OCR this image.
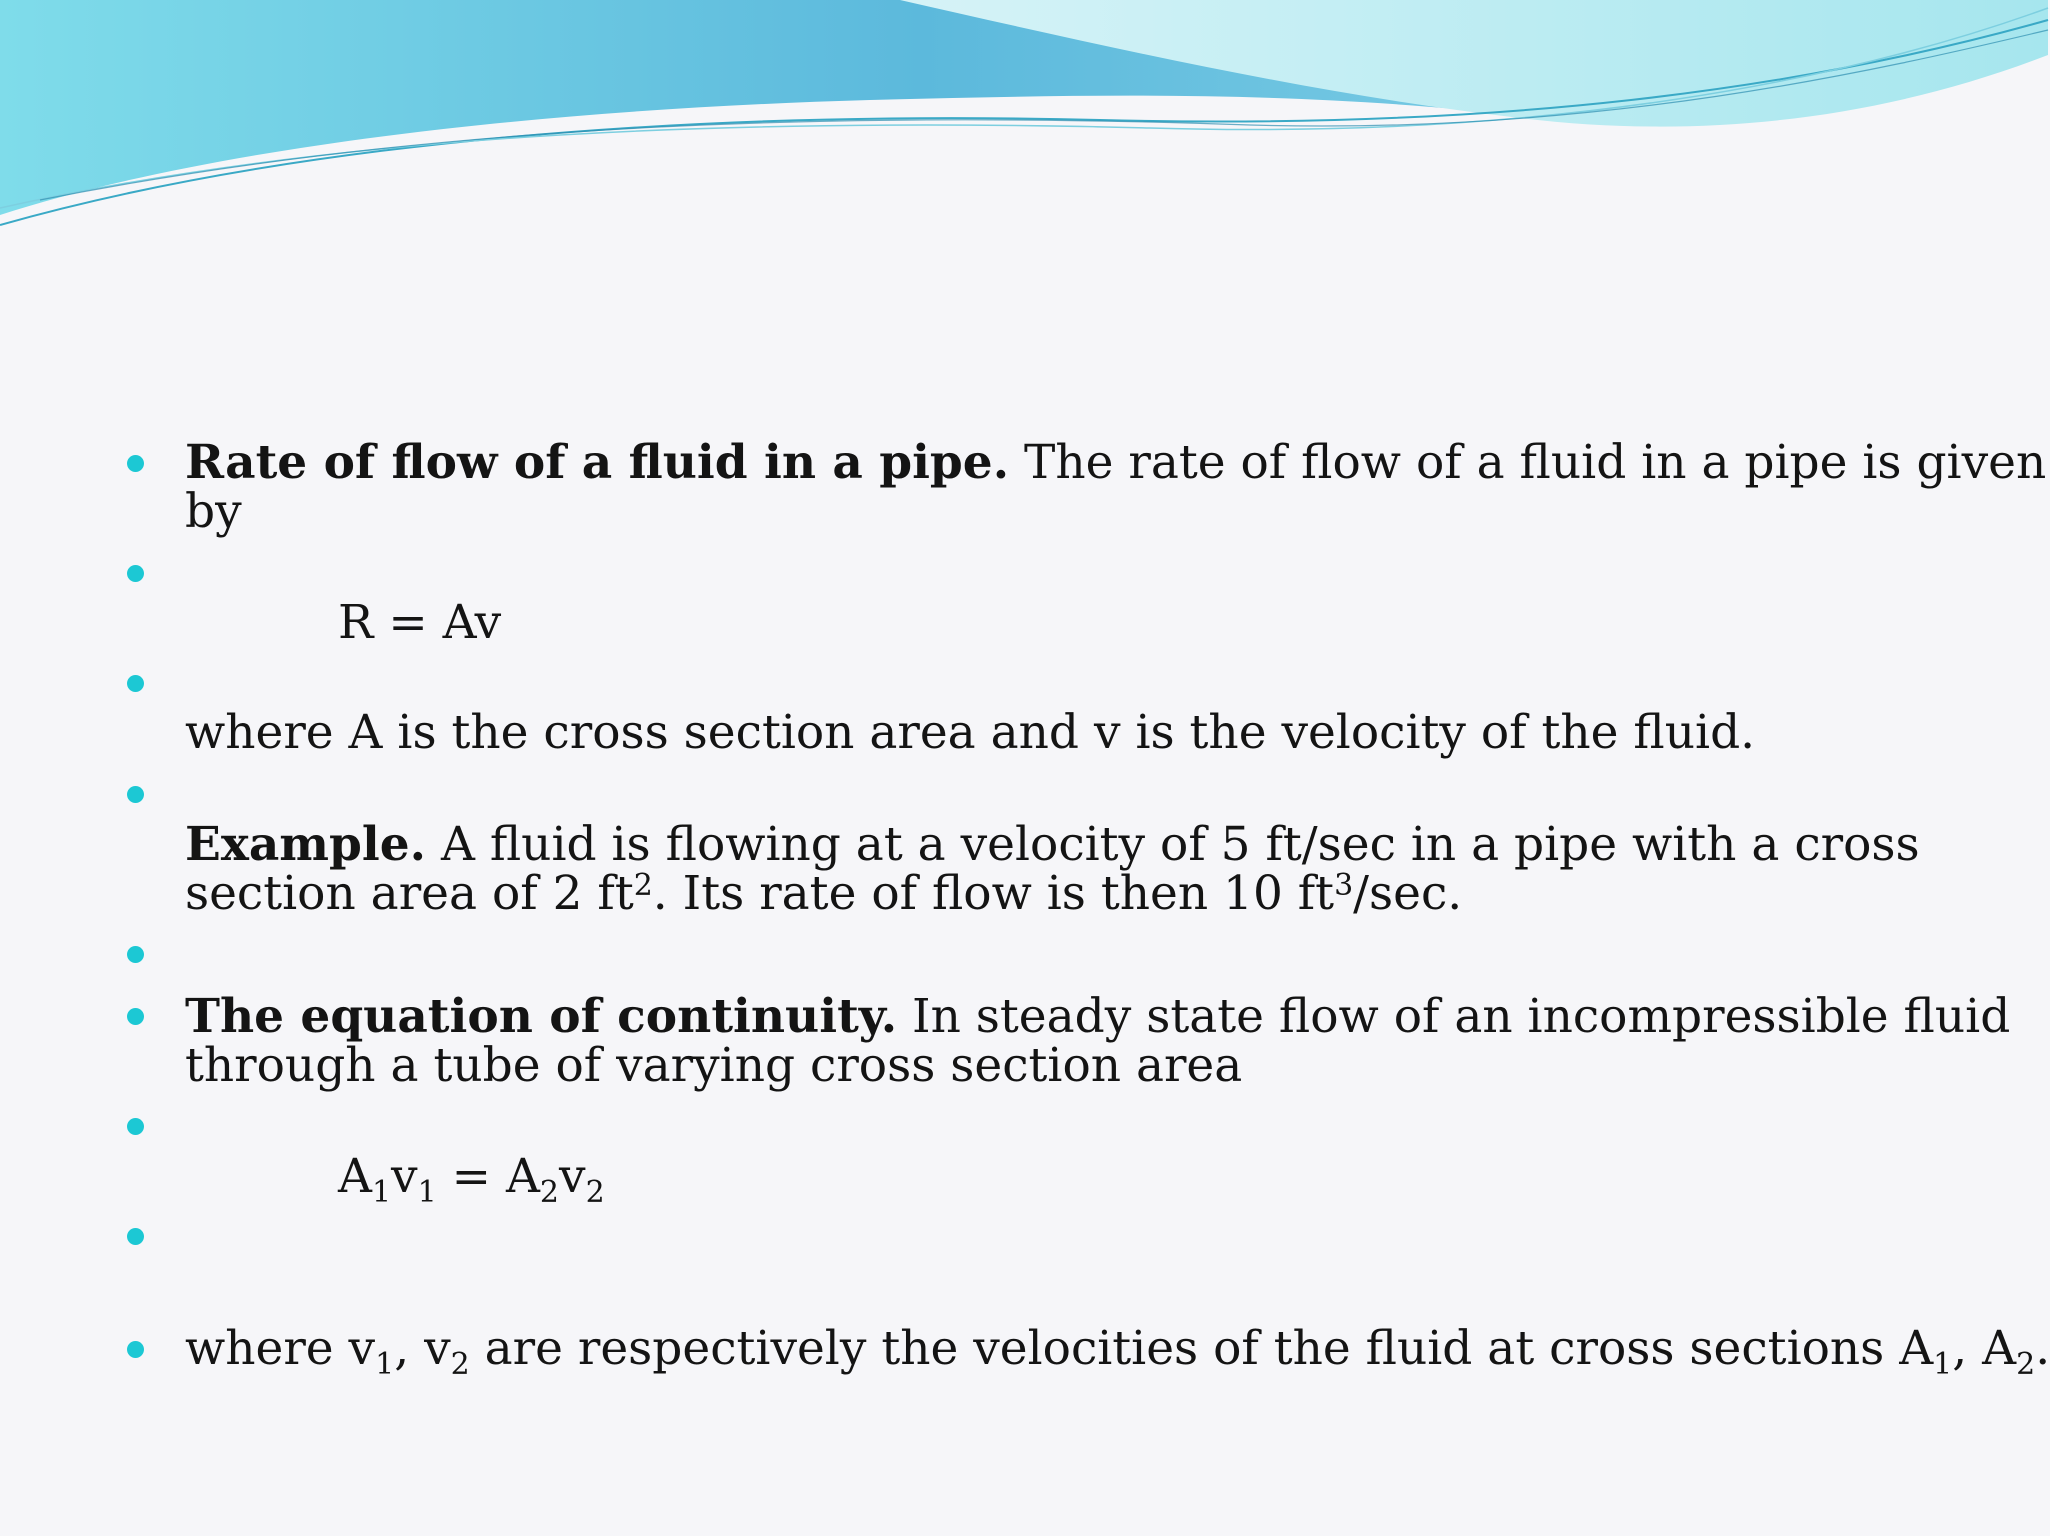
Rate of flow of a fluid in a pipe. The rate of flow of a fluid in a pipe is given
by
R = Av
where A is the cross section area and v is the velocity of the fluid.
Example. A fluid is flowing at a velocity of 5 ft/sec in a pipe with a cross
section area of 2 $ft^2$. Its rate of flow is then 10 $ft^3/\sec$.
The equation of continuity. In steady state flow of an incompressible fluid
through a tube of varying cross section area
$A_1v_1 = A_2v_2$
where $v_1$, $v_2$ are respectively the velocities of the fluid at cross sections $A_1$, $A_2$.
